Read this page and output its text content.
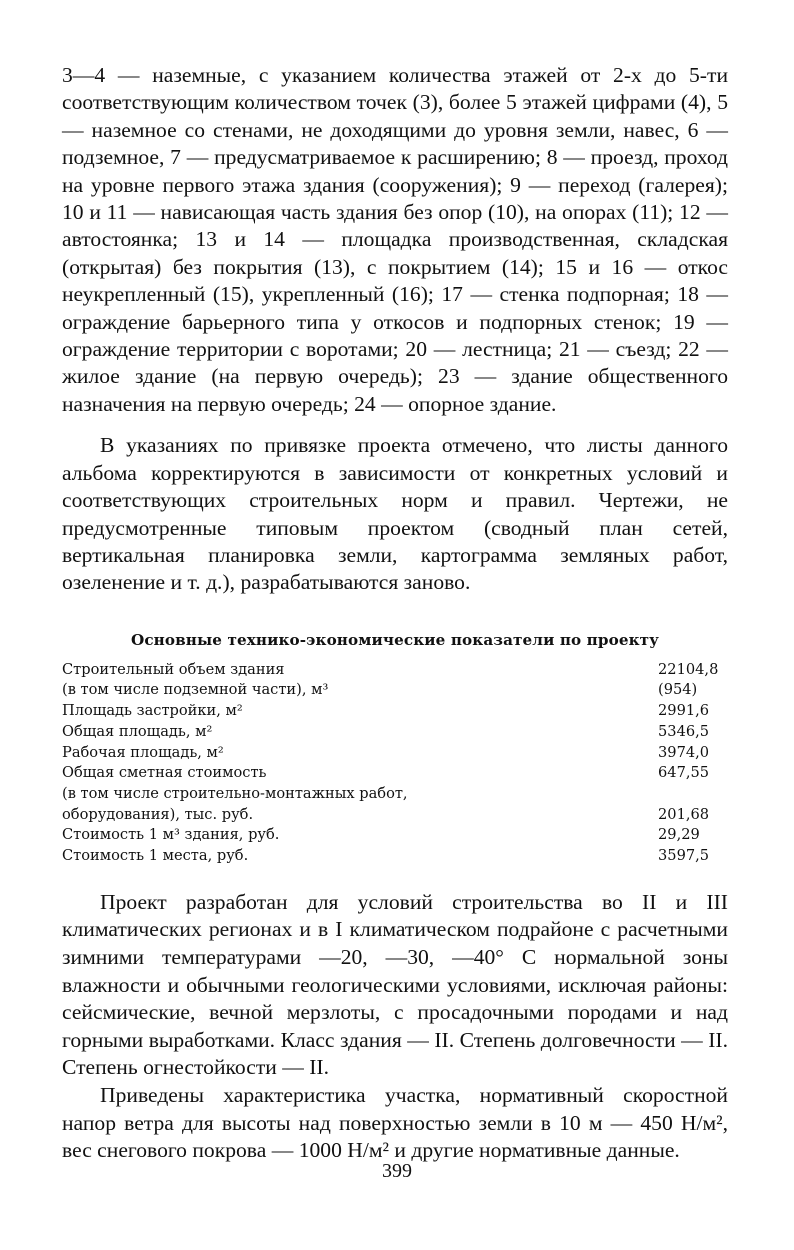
3—4 — наземные, с указанием количества этажей от 2-х до 5-ти соответствующим количеством точек (3), более 5 этажей цифрами (4), 5 — наземное со стенами, не доходящими до уровня земли, навес, 6 — подземное, 7 — предусматриваемое к расширению; 8 — проезд, проход на уровне первого этажа здания (сооружения); 9 — переход (галерея); 10 и 11 — нависающая часть здания без опор (10), на опорах (11); 12 — автостоянка; 13 и 14 — площадка производственная, складская (открытая) без покрытия (13), с покрытием (14); 15 и 16 — откос неукрепленный (15), укрепленный (16); 17 — стенка подпорная; 18 — ограждение барьерного типа у откосов и подпорных стенок; 19 — ограждение территории с воротами; 20 — лестница; 21 — съезд; 22 — жилое здание (на первую очередь); 23 — здание общественного назначения на первую очередь; 24 — опорное здание.

В указаниях по привязке проекта отмечено, что листы данного альбома корректируются в зависимости от конкретных условий и соответствующих строительных норм и правил. Чертежи, не предусмотренные типовым проектом (сводный план сетей, вертикальная планировка земли, картограмма земляных работ, озеленение и т. д.), разрабатываются заново.

Основные технико-экономические показатели по проекту
Строительный объем здания	22104,8
(в том числе подземной части), м³	(954)
Площадь застройки, м²	2991,6
Общая площадь, м²	5346,5
Рабочая площадь, м²	3974,0
Общая сметная стоимость	647,55
(в том числе строительно-монтажных работ,	
оборудования), тыс. руб.	201,68
Стоимость 1 м³ здания, руб.	29,29
Стоимость 1 места, руб.	3597,5

Проект разработан для условий строительства во II и III климатических регионах и в I климатическом подрайоне с расчетными зимними температурами —20, —30, —40° С нормальной зоны влажности и обычными геологическими условиями, исключая районы: сейсмические, вечной мерзлоты, с просадочными породами и над горными выработками. Класс здания — II. Степень долговечности — II. Степень огнестойкости — II.

Приведены характеристика участка, нормативный скоростной напор ветра для высоты над поверхностью земли в 10 м — 450 Н/м², вес снегового покрова — 1000 Н/м² и другие нормативные данные.

399
